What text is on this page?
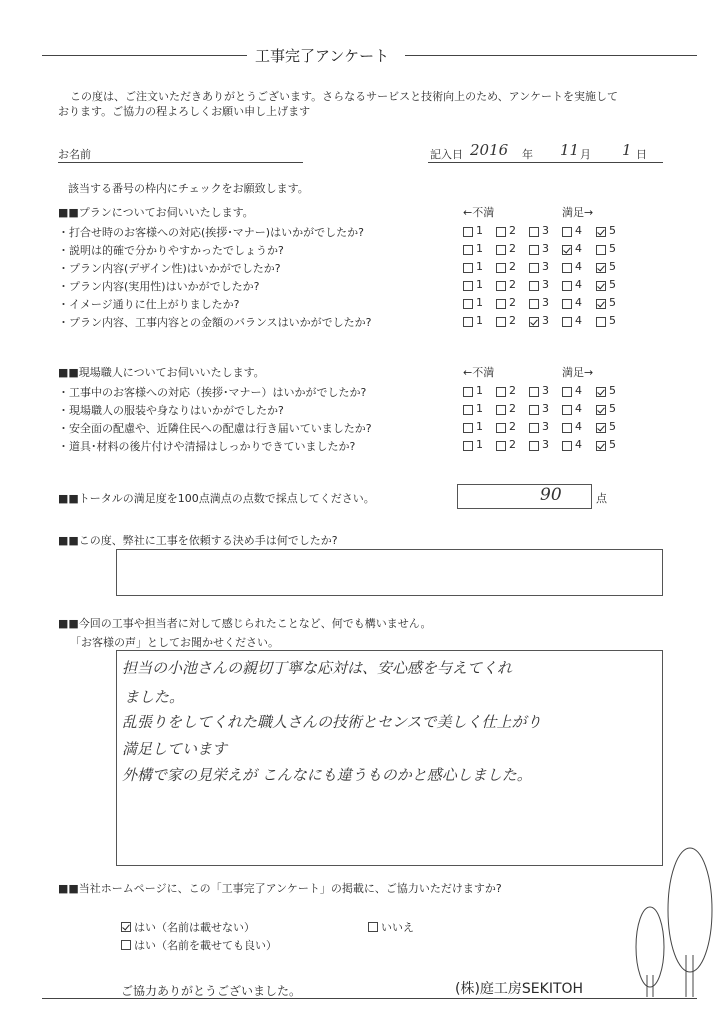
工事完了アンケート
この度は、ご注文いただきありがとうございます。さらなるサービスと技術向上のため、アンケートを実施して
おります。ご協力の程よろしくお願い申し上げます
お名前	記入日 2016 年 11 月 1 日
該当する番号の枠内にチェックをお願致します。
■■プランについてお伺いいたします。	←不満	満足→
・打合せ時のお客様への対応(挨拶･マナー)はいかがでしたか?	1 2 3 4 5
・説明は的確で分かりやすかったでしょうか?	1 2 3 4 5
・プラン内容(デザイン性)はいかがでしたか?	1 2 3 4 5
・プラン内容(実用性)はいかがでしたか?	1 2 3 4 5
・イメージ通りに仕上がりましたか?	1 2 3 4 5
・プラン内容、工事内容との金額のバランスはいかがでしたか?	1 2 3 4 5
■■現場職人についてお伺いいたします。	←不満	満足→
・工事中のお客様への対応（挨拶･マナー）はいかがでしたか?	1 2 3 4 5
・現場職人の服装や身なりはいかがでしたか?	1 2 3 4 5
・安全面の配慮や、近隣住民への配慮は行き届いていましたか?	1 2 3 4 5
・道具･材料の後片付けや清掃はしっかりできていましたか?	1 2 3 4 5
■■トータルの満足度を100点満点の点数で採点してください。	90	点
■■この度、弊社に工事を依頼する決め手は何でしたか?
■■今回の工事や担当者に対して感じられたことなど、何でも構いません。
「お客様の声」としてお聞かせください。
担当の小池さんの親切丁寧な応対は、安心感を与えてくれ
ました。
乱張りをしてくれた職人さんの技術とセンスで美しく仕上がり
満足しています
外構で家の見栄えが こんなにも違うものかと感心しました。
■■当社ホームページに、この「工事完了アンケート」の掲載に、ご協力いただけますか?
はい（名前は載せない）
はい（名前を載せても良い）
いいえ
ご協力ありがとうございました。	(株)庭工房SEKITOH
